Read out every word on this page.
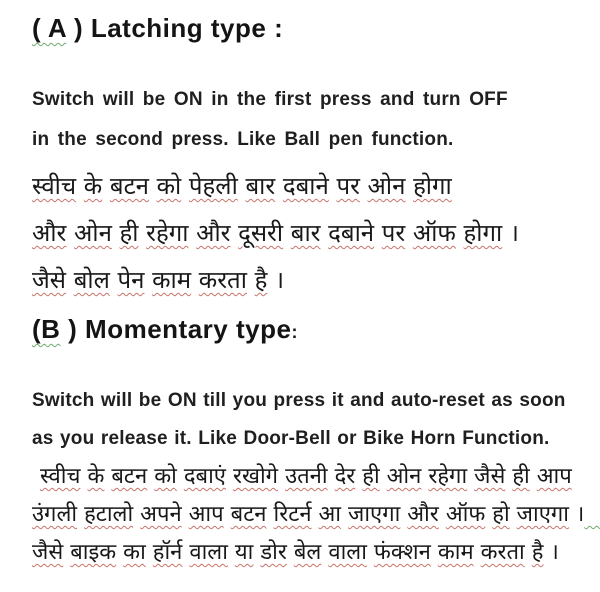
( A ) Latching type :
Switch will be ON in the first press and turn OFF
in the second press. Like Ball pen function.
स्वीच के बटन को पेहली बार दबाने पर ओन होगा
और ओन ही रहेगा और दूसरी बार दबाने पर ऑफ होगा ।
जैसे बोल पेन काम करता है ।
(B ) Momentary type:
Switch will be ON till you press it and auto-reset as soon
as you release it. Like Door-Bell or Bike Horn Function.
स्वीच के बटन को दबाएं रखोगे उतनी देर ही ओन रहेगा जैसे ही आप
उंगली हटालो अपने आप बटन रिटर्न आ जाएगा और ऑफ हो जाएगा ।
जैसे बाइक का हॉर्न वाला या डोर बेल वाला फंक्शन काम करता है ।
